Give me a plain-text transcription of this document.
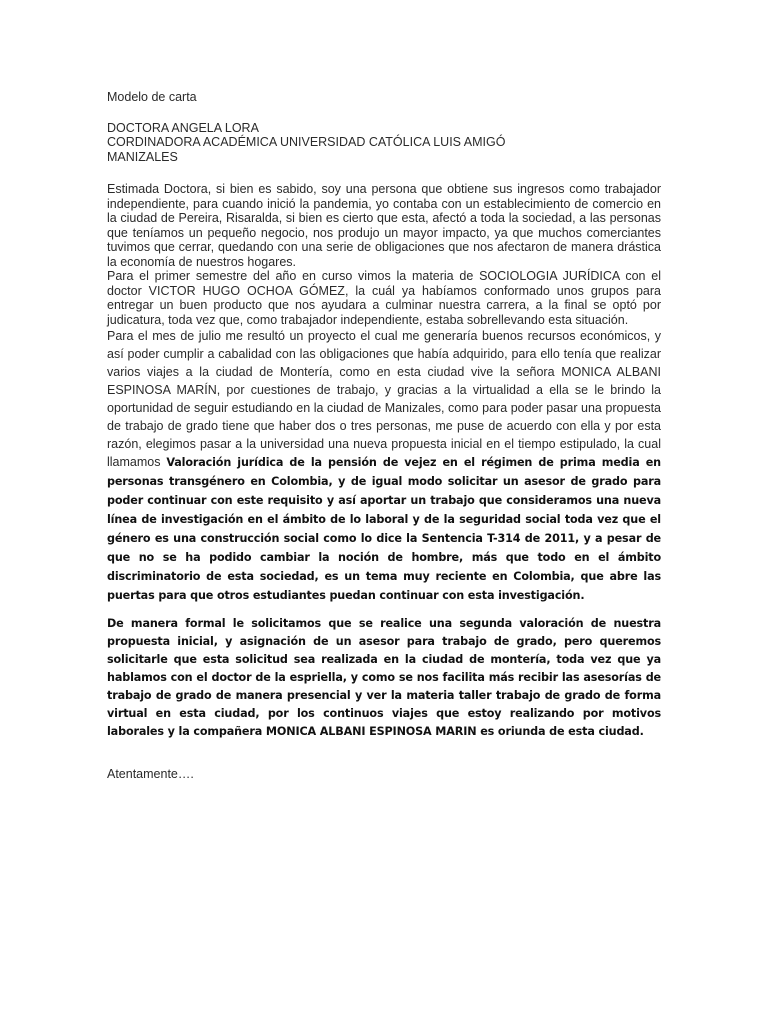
Modelo de carta
DOCTORA ANGELA LORA
CORDINADORA ACADÉMICA UNIVERSIDAD CATÓLICA LUIS AMIGÓ
MANIZALES

Estimada Doctora, si bien es sabido, soy una persona que obtiene sus ingresos como trabajador independiente, para cuando inició la pandemia, yo contaba con un establecimiento de comercio en la ciudad de Pereira, Risaralda, si bien es cierto que esta, afectó a toda la sociedad, a las personas que teníamos un pequeño negocio, nos produjo un mayor impacto, ya que muchos comerciantes tuvimos que cerrar, quedando con una serie de obligaciones que nos afectaron de manera drástica la economía de nuestros hogares.

Para el primer semestre del año en curso vimos la materia de SOCIOLOGIA JURÍDICA con el doctor VICTOR HUGO OCHOA GÓMEZ, la cuál ya habíamos conformado unos grupos para entregar un buen producto que nos ayudara a culminar nuestra carrera, a la final se optó por judicatura, toda vez que, como trabajador independiente, estaba sobrellevando esta situación.

Para el mes de julio me resultó un proyecto el cual me generaría buenos recursos económicos, y así poder cumplir a cabalidad con las obligaciones que había adquirido, para ello tenía que realizar varios viajes a la ciudad de Montería, como en esta ciudad vive la señora MONICA ALBANI ESPINOSA MARÍN, por cuestiones de trabajo, y gracias a la virtualidad a ella se le brindo la oportunidad de seguir estudiando en la ciudad de Manizales, como para poder pasar una propuesta de trabajo de grado tiene que haber dos o tres personas, me puse de acuerdo con ella y por esta razón, elegimos pasar a la universidad una nueva propuesta inicial en el tiempo estipulado, la cual llamamos Valoración jurídica de la pensión de vejez en el régimen de prima media en personas transgénero en Colombia, y de igual modo solicitar un asesor de grado para poder continuar con este requisito y así aportar un trabajo que consideramos una nueva línea de investigación en el ámbito de lo laboral y de la seguridad social toda vez que el género es una construcción social como lo dice la Sentencia T-314 de 2011, y a pesar de que no se ha podido cambiar la noción de hombre, más que todo en el ámbito discriminatorio de esta sociedad, es un tema muy reciente en Colombia, que abre las puertas para que otros estudiantes puedan continuar con esta investigación.

De manera formal le solicitamos que se realice una segunda valoración de nuestra propuesta inicial, y asignación de un asesor para trabajo de grado, pero queremos solicitarle que esta solicitud sea realizada en la ciudad de montería, toda vez que ya hablamos con el doctor de la espriella, y como se nos facilita más recibir las asesorías de trabajo de grado de manera presencial y ver la materia taller trabajo de grado de forma virtual en esta ciudad, por los continuos viajes que estoy realizando por motivos laborales y la compañera MONICA ALBANI ESPINOSA MARIN es oriunda de esta ciudad.

Atentamente….
